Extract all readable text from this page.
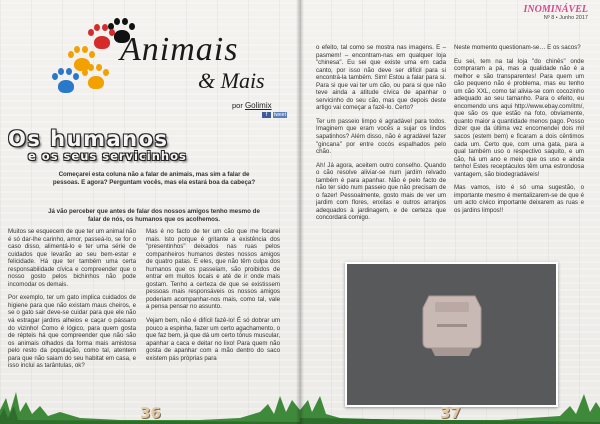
Animais
& Mais
por Golimix
f	tweet
Os humanos
e os seus servicinhos
Começarei esta coluna não a falar de animais, mas sim a falar de pessoas. E agora? Perguntam vocês, mas ela estará boa da cabeça?
Já vão perceber que antes de falar dos nossos amigos tenho mesmo de falar de nós, os humanos que os acolhemos.

Muitos se esquecem de que ter um animal não é só dar-lhe carinho, amor, passeá-lo, se for o caso disso, alimentá-lo e ter uma série de cuidados que levarão ao seu bem-estar e felicidade. Há que ter também uma certa responsabilidade cívica e compreender que o nosso gosto pelos bichinhos não pode incomodar os demais.

Por exemplo, ter um gato implica cuidados de higiene para que não existam maus cheiros, e se o gato sair deve-se cuidar para que ele não vá estragar jardins alheios e caçar o pássaro do vizinho! Como é lógico, para quem gosta de répteis há que compreender que não são os animais olhados da forma mais amistosa pelo resto da população, como tal, atentem para que não saiam do seu habitat em casa, e isso inclui as tarântulas, ok?

Mas é no facto de ter um cão que me focarei mais. Isto porque é gritante a existência dos "presentinhos" deixados nas ruas pelos companheiros humanos destes nossos amigos de quatro patas. E eles, que não têm culpa dos humanos que os passeiam, são proibidos de entrar em muitos locais e até de ir onde mais gostam. Tenho a certeza de que se existissem pessoas mais responsáveis os nossos amigos poderiam acompanhar-nos mais, como tal, vale a pensa pensar no assunto.

Vejam bem, não é difícil fazê-lo! É só dobrar um pouco a espinha, fazer um certo agachamento, o que faz bem, já que dá um certo tónus muscular, apanhar a caca e deitar no lixo! Para quem não gosta de apanhar com a mão dentro do saco existem pás próprias para

36
INOMINÁVEL
Nº 8 • Junho 2017

o efeito, tal como se mostra nas imagens. E – pasmem! – encontram-nas em qualquer loja "chinesa". Eu sei que existe uma em cada canto, por isso não deve ser difícil para si encontrá-la também. Sim! Estou a falar para si. Para si que vai ter um cão, ou para si que não teve ainda a atitude cívica de apanhar o servicinho do seu cão, mas que depois deste artigo vai começar a fazê-lo. Certo?

Ter um passeio limpo é agradável para todos. Imaginem que eram vocês a sujar os lindos sapatinhos? Além disso, não é agradável fazer "gincana" por entre cocós espalhados pelo chão.

Ah! Já agora, aceitem outro conselho. Quando o cão resolve aliviar-se num jardim relvado também é para apanhar. Não é pelo facto de não ter sido num passeio que não precisam de o fazer! Pessoalmente, gosto mais de ver um jardim com flores, enxitas e outros arranjos adequados à jardinagem, e de certeza que concordará comigo.

Neste momento questionam-se… E os sacos?

Eu sei, tem na tal loja "do chinês" onde compraram a pá, mas a qualidade não é a melhor e são transparentes! Para quem um cão pequeno não é problema, mas eu tenho um cão XXL, como tal alivia-se com cocozinho adequado ao seu tamanho. Para o efeito, eu encomendo uns aqui http://www.ebay.com/itm/, que são os que estão na foto, obviamente, quanto maior a quantidade menos pago. Posso dizer que da última vez encomendei dois mil sacos (estem bem) e ficaram a dois cêntimos cada um. Certo que, com uma gata, para a qual também uso o respectivo saquito, e um cão, há um ano e meio que os uso e ainda tenho! Estes receptáculos têm uma estrondosa vantagem, são biodegradáveis!

Mas vamos, isto é só uma sugestão, o importante mesmo é mentalizarem-se de que é um acto cívico importante deixarem as ruas e os jardins limpos!!

37
